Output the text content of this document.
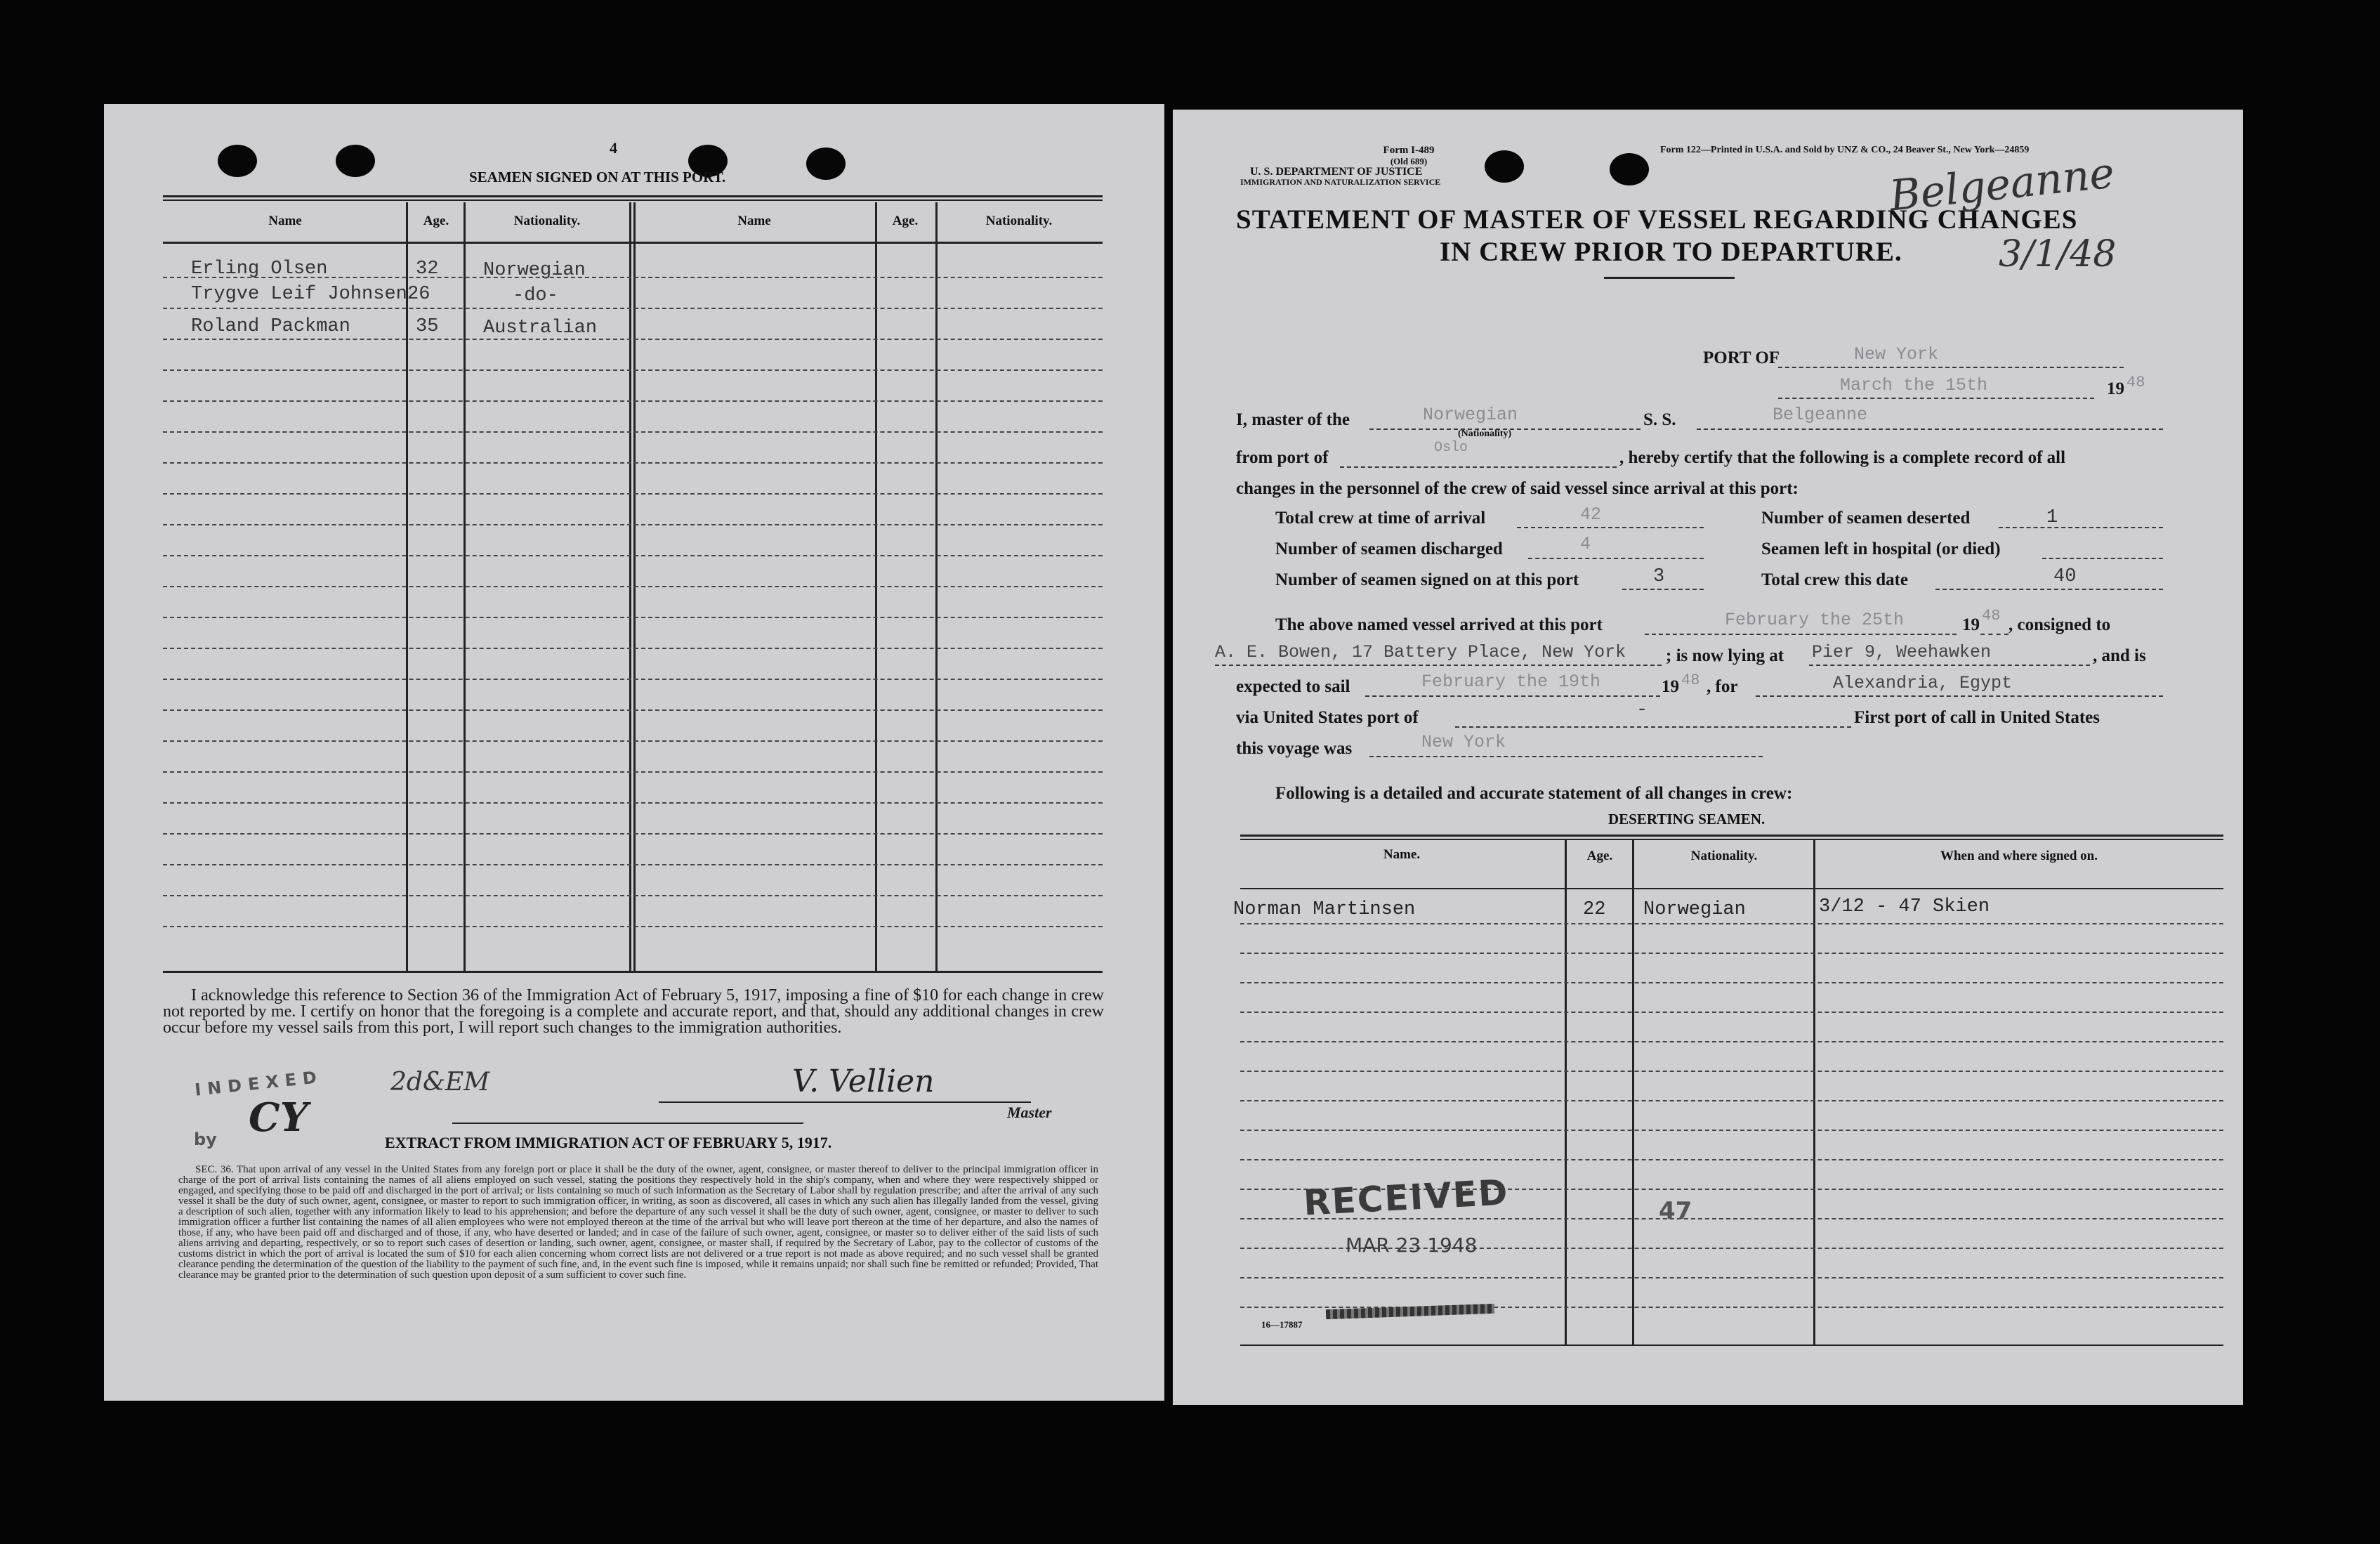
4
SEAMEN SIGNED ON AT THIS PORT.
Name	Age.	Nationality.	Name	Age.	Nationality.
Erling Olsen	32 Norwegian
Trygve Leif Johnsen 26	-do-
Roland Packman	35 Australian
I acknowledge this reference to Section 36 of the Immigration Act of February 5, 1917, imposing a fine of $10 for each change in crew not reported by me. I certify on honor that the foregoing is a complete and accurate report, and that, should any additional changes in crew occur before my vessel sails from this port, I will report such changes to the immigration authorities.
INDEXED	2d&EM
by CY
V. Vellien
Master
EXTRACT FROM IMMIGRATION ACT OF FEBRUARY 5, 1917.
SEC. 36. That upon arrival of any vessel in the United States from any foreign port or place it shall be the duty of the owner, agent, consignee, or master thereof to deliver to the principal immigration officer in charge of the port of arrival lists containing the names of all aliens employed on such vessel, stating the positions they respectively hold in the ship's company, when and where they were respectively shipped or engaged, and specifying those to be paid off and discharged in the port of arrival; or lists containing so much of such information as the Secretary of Labor shall by regulation prescribe; and after the arrival of any such vessel it shall be the duty of such owner, agent, consignee, or master to report to such immigration officer, in writing, as soon as discovered, all cases in which any such alien has illegally landed from the vessel, giving a description of such alien, together with any information likely to lead to his apprehension; and before the departure of any such vessel it shall be the duty of such owner, agent, consignee, or master to deliver to such immigration officer a further list containing the names of all alien employees who were not employed thereon at the time of the arrival but who will leave port thereon at the time of her departure, and also the names of those, if any, who have been paid off and discharged and of those, if any, who have deserted or landed; and in case of the failure of such owner, agent, consignee, or master so to deliver either of the said lists of such aliens arriving and departing, respectively, or so to report such cases of desertion or landing, such owner, agent, consignee, or master shall, if required by the Secretary of Labor, pay to the collector of customs of the customs district in which the port of arrival is located the sum of $10 for each alien concerning whom correct lists are not delivered or a true report is not made as above required; and no such vessel shall be granted clearance pending the determination of the question of the liability to the payment of such fine, and, in the event such fine is imposed, while it remains unpaid; nor shall such fine be remitted or refunded; Provided, That clearance may be granted prior to the determination of such question upon deposit of a sum sufficient to cover such fine.
Form I-489
(Old 689)
U. S. DEPARTMENT OF JUSTICE
IMMIGRATION AND NATURALIZATION SERVICE
Form 122—Printed in U.S.A. and Sold by UNZ & CO., 24 Beaver St., New York—24859
STATEMENT OF MASTER OF VESSEL REGARDING CHANGES
IN CREW PRIOR TO DEPARTURE.
Belgeanne
3/1/48
PORT OF	New York
March the 15th	19 48
I, master of the	Norwegian
(Nationality)
S. S.	Belgeanne
from port of
Oslo
, hereby certify that the following is a complete record of all
changes in the personnel of the crew of said vessel since arrival at this port:
Total crew at time of arrival	42	Number of seamen deserted	1
Number of seamen discharged	4	Seamen left in hospital (or died)
Number of seamen signed on at this port	3	Total crew this date	40
The above named vessel arrived at this port	February the 25th	19 48 , consigned to
A. E. Bowen, 17 Battery Place, New York ; is now lying at Pier 9, Weehawken	, and is
expected to sail	February the 19th	19 48 , for	Alexandria, Egypt
via United States port of	-	First port of call in United States
this voyage was	New York
Following is a detailed and accurate statement of all changes in crew:
DESERTING SEAMEN.
Name.	Age.	Nationality.	When and where signed on.
Norman Martinsen	22 Norwegian	3/12 - 47 Skien
RECEIVED
MAR 23 1948
47
16—17887
